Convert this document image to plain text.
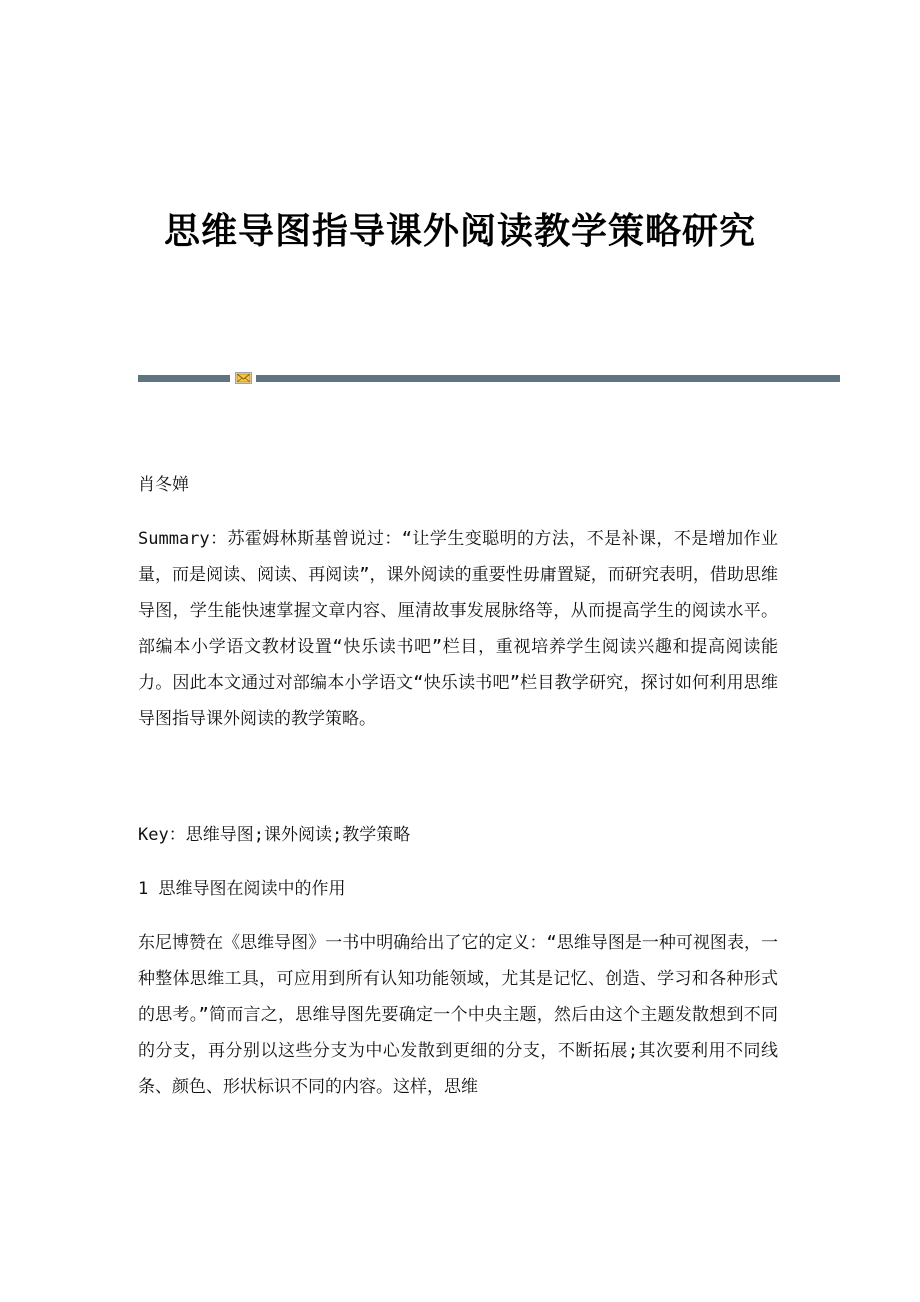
思维导图指导课外阅读教学策略研究
肖冬婵
Summary：苏霍姆林斯基曾说过：“让学生变聪明的方法，不是补课，不是增加作业量，而是阅读、阅读、再阅读”，课外阅读的重要性毋庸置疑，而研究表明，借助思维导图，学生能快速掌握文章内容、厘清故事发展脉络等，从而提高学生的阅读水平。部编本小学语文教材设置“快乐读书吧”栏目，重视培养学生阅读兴趣和提高阅读能力。因此本文通过对部编本小学语文“快乐读书吧”栏目教学研究，探讨如何利用思维导图指导课外阅读的教学策略。
Key：思维导图;课外阅读;教学策略
1 思维导图在阅读中的作用
东尼博赞在《思维导图》一书中明确给出了它的定义：“思维导图是一种可视图表，一种整体思维工具，可应用到所有认知功能领域，尤其是记忆、创造、学习和各种形式的思考。”简而言之，思维导图先要确定一个中央主题，然后由这个主题发散想到不同的分支，再分别以这些分支为中心发散到更细的分支，不断拓展;其次要利用不同线条、颜色、形状标识不同的内容。这样，思维
